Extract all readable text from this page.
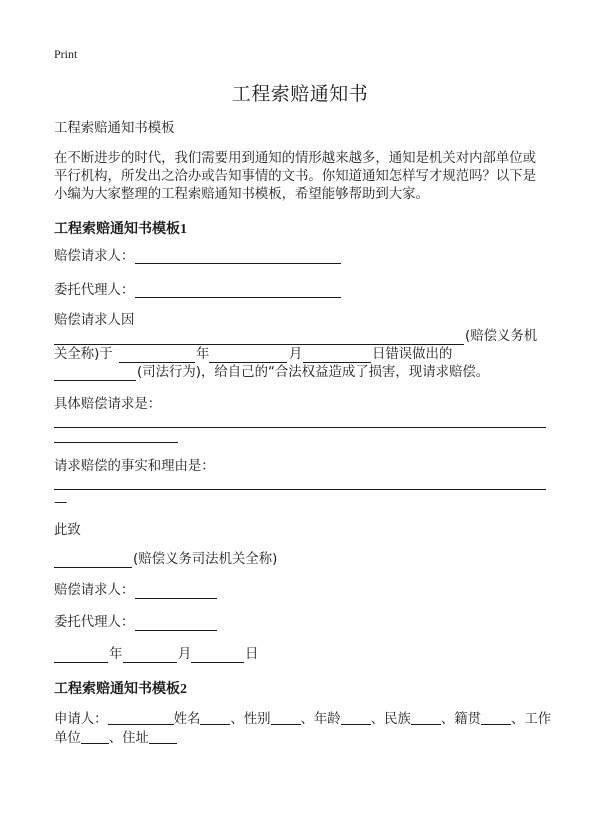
Print
工程索赔通知书
工程索赔通知书模板
在不断进步的时代，我们需要用到通知的情形越来越多，通知是机关对内部单位或
平行机构，所发出之洽办或告知事情的文书。你知道通知怎样写才规范吗？以下是
小编为大家整理的工程索赔通知书模板，希望能够帮助到大家。
工程索赔通知书模板1
赔偿请求人：
委托代理人：
赔偿请求人因
(赔偿义务机
关全称)于	年	月	日错误做出的
(司法行为)，给自己的“合法权益造成了损害，现请求赔偿。
具体赔偿请求是：
请求赔偿的事实和理由是：
—
此致
(赔偿义务司法机关全称)
赔偿请求人：
委托代理人：
年	月	日
工程索赔通知书模板2
申请人：	姓名 、性别 、年龄 、民族 、籍贯 、工作
单位 、住址
